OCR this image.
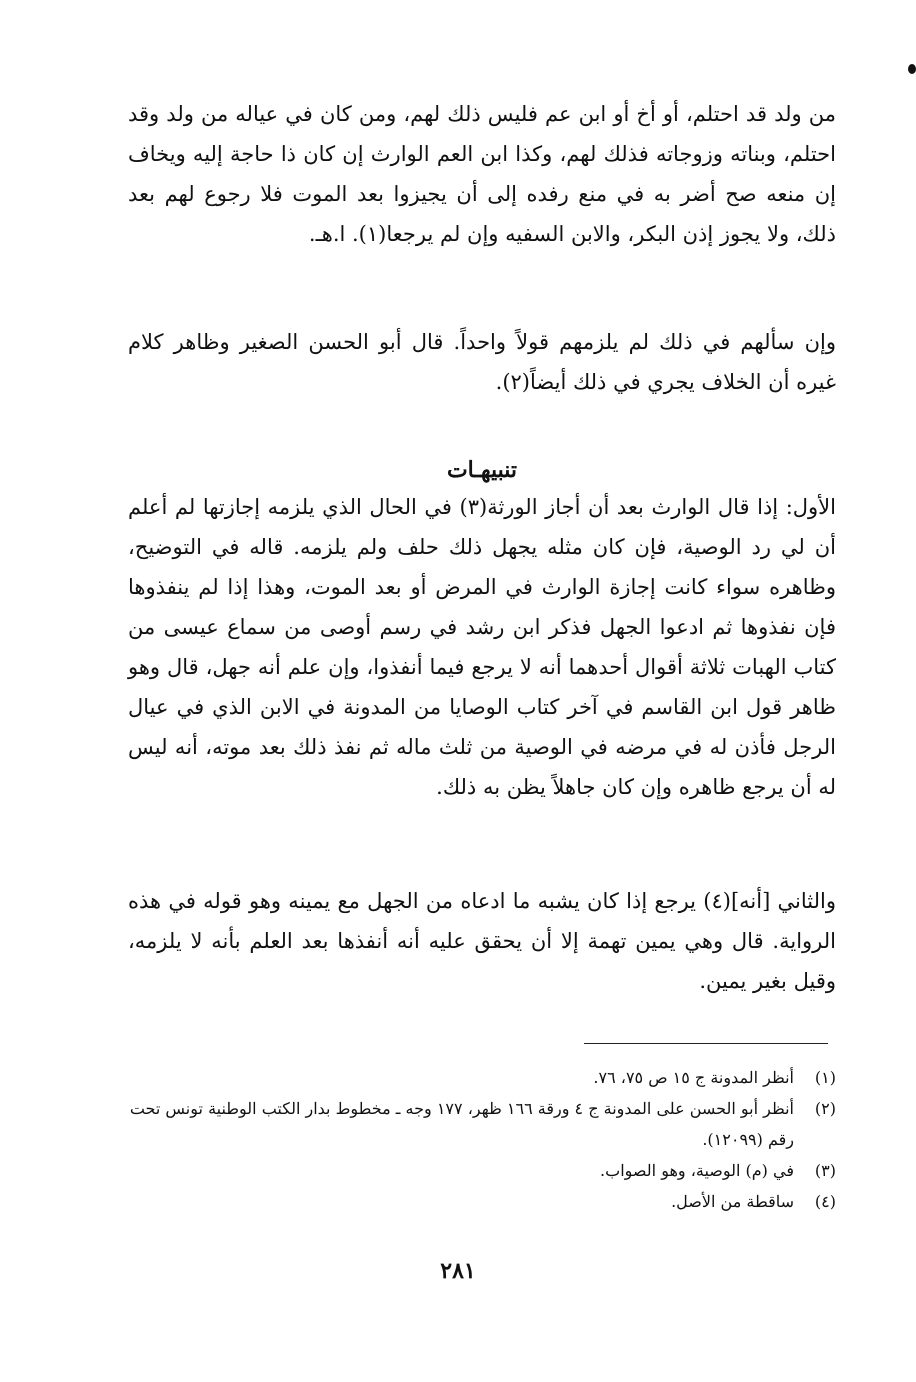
من ولد قد احتلم، أو أخ أو ابن عم فليس ذلك لهم، ومن كان في عياله من ولد وقد احتلم، وبناته وزوجاته فذلك لهم، وكذا ابن العم الوارث إن كان ذا حاجة إليه ويخاف إن منعه صح أضر به في منع رفده إلى أن يجيزوا بعد الموت فلا رجوع لهم بعد ذلك، ولا يجوز إذن البكر، والابن السفيه وإن لم يرجعا(١). ا.هـ.
وإن سألهم في ذلك لم يلزمهم قولاً واحداً. قال أبو الحسن الصغير وظاهر كلام غيره أن الخلاف يجري في ذلك أيضاً(٢).
تنبيهـات
الأول: إذا قال الوارث بعد أن أجاز الورثة(٣) في الحال الذي يلزمه إجازتها لم أعلم أن لي رد الوصية، فإن كان مثله يجهل ذلك حلف ولم يلزمه. قاله في التوضيح، وظاهره سواء كانت إجازة الوارث في المرض أو بعد الموت، وهذا إذا لم ينفذوها فإن نفذوها ثم ادعوا الجهل فذكر ابن رشد في رسم أوصى من سماع عيسى من كتاب الهبات ثلاثة أقوال أحدهما أنه لا يرجع فيما أنفذوا، وإن علم أنه جهل، قال وهو ظاهر قول ابن القاسم في آخر كتاب الوصايا من المدونة في الابن الذي في عيال الرجل فأذن له في مرضه في الوصية من ثلث ماله ثم نفذ ذلك بعد موته، أنه ليس له أن يرجع ظاهره وإن كان جاهلاً يظن به ذلك.
والثاني [أنه](٤) يرجع إذا كان يشبه ما ادعاه من الجهل مع يمينه وهو قوله في هذه الرواية. قال وهي يمين تهمة إلا أن يحقق عليه أنه أنفذها بعد العلم بأنه لا يلزمه، وقيل بغير يمين.
(١)
أنظر المدونة ج ١٥ ص ٧٥، ٧٦.
(٢)
أنظر أبو الحسن على المدونة ج ٤ ورقة ١٦٦ ظهر، ١٧٧ وجه ـ مخطوط بدار الكتب الوطنية تونس تحت رقم (١٢٠٩٩).
(٣)
في (م) الوصية، وهو الصواب.
(٤)
ساقطة من الأصل.
٢٨١
